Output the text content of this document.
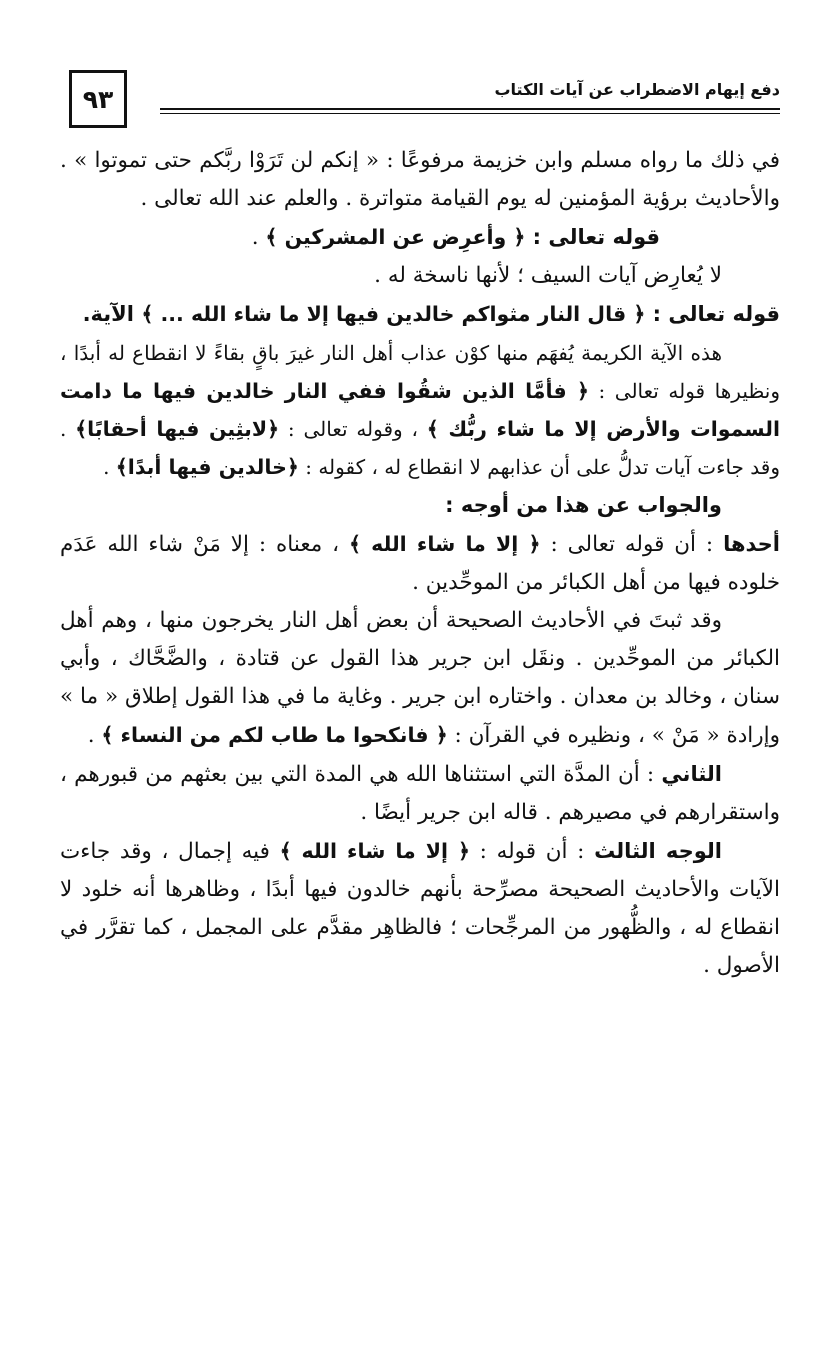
٩٣	دفع إيهام الاضطراب عن آيات الكتاب

في ذلك ما رواه مسلم وابن خزيمة مرفوعًا : « إنكم لن تَرَوْا ربَّكم حتى تموتوا » . والأحاديث برؤية المؤمنين له يوم القيامة متواترة . والعلم عند الله تعالى .

قوله تعالى : ﴿ وأعرِض عن المشركين ﴾ .

لا يُعارِض آيات السيف ؛ لأنها ناسخة له .

قوله تعالى : ﴿ قال النار مثواكم خالدين فيها إلا ما شاء الله ... ﴾ الآية.

هذه الآية الكريمة يُفهَم منها كوْن عذاب أهل النار غيرَ باقٍ بقاءً لا انقطاع له أبدًا ، ونظيرها قوله تعالى : ﴿ فأمَّا الذين شقُوا ففي النار خالدين فيها ما دامت السموات والأرض إلا ما شاء ربُّك ﴾ ، وقوله تعالى : ﴿لابثِين فيها أحقابًا﴾ . وقد جاءت آيات تدلُّ على أن عذابهم لا انقطاع له ، كقوله : ﴿خالدين فيها أبدًا﴾ .

والجواب عن هذا من أوجه :

أحدها : أن قوله تعالى : ﴿ إلا ما شاء الله ﴾ ، معناه : إلا مَنْ شاء الله عَدَم خلوده فيها من أهل الكبائر من الموحِّدين .

وقد ثبتَ في الأحاديث الصحيحة أن بعض أهل النار يخرجون منها ، وهم أهل الكبائر من الموحِّدين . ونقَل ابن جرير هذا القول عن قتادة ، والضَّحَّاك ، وأبي سنان ، وخالد بن معدان . واختاره ابن جرير . وغاية ما في هذا القول إطلاق « ما » وإرادة « مَنْ » ، ونظيره في القرآن : ﴿ فانكحوا ما طاب لكم من النساء ﴾ .

الثاني : أن المدَّة التي استثناها الله هي المدة التي بين بعثهم من قبورهم ، واستقرارهم في مصيرهم . قاله ابن جرير أيضًا .

الوجه الثالث : أن قوله : ﴿ إلا ما شاء الله ﴾ فيه إجمال ، وقد جاءت الآيات والأحاديث الصحيحة مصرِّحة بأنهم خالدون فيها أبدًا ، وظاهرها أنه خلود لا انقطاع له ، والظُّهور من المرجِّحات ؛ فالظاهِر مقدَّم على المجمل ، كما تقرَّر في الأصول .
